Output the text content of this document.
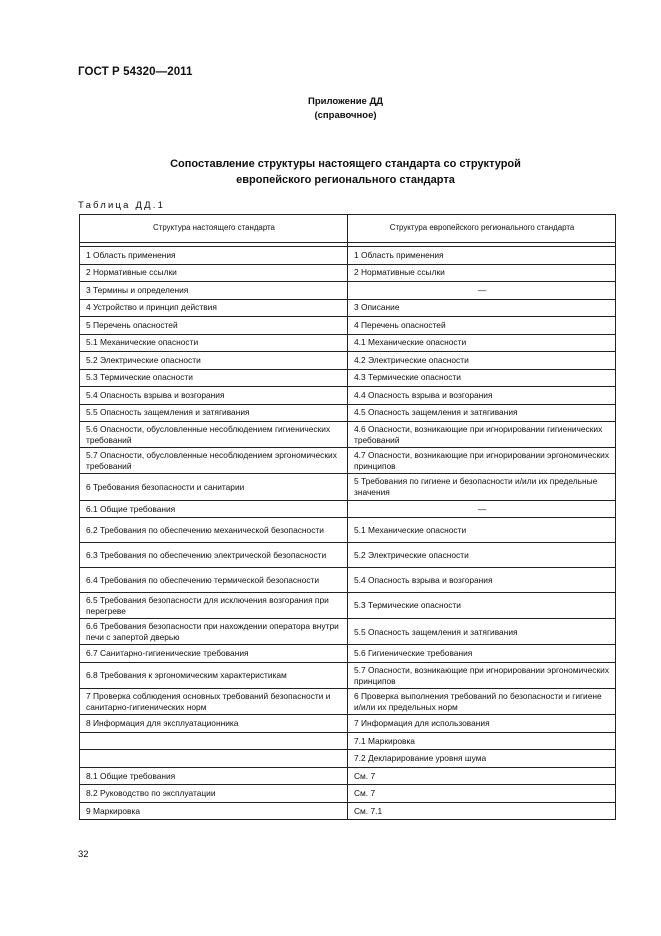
ГОСТ Р 54320—2011
Приложение ДД
(справочное)
Сопоставление структуры настоящего стандарта со структурой
европейского регионального стандарта
Таблица ДД.1
Структура настоящего стандарта	Структура европейского регионального стандарта

1 Область применения	1 Область применения
2 Нормативные ссылки	2 Нормативные ссылки
3 Термины и определения	—
4 Устройство и принцип действия	3 Описание
5 Перечень опасностей	4 Перечень опасностей
5.1 Механические опасности	4.1 Механические опасности
5.2 Электрические опасности	4.2 Электрические опасности
5.3 Термические опасности	4.3 Термические опасности
5.4 Опасность взрыва и возгорания	4.4 Опасность взрыва и возгорания
5.5 Опасность защемления и затягивания	4.5 Опасность защемления и затягивания
5.6 Опасности, обусловленные несоблюдением гигиенических требований	4.6 Опасности, возникающие при игнорировании гигиенических требований
5.7 Опасности, обусловленные несоблюдением эргономических требований	4.7 Опасности, возникающие при игнорировании эргономических принципов
6 Требования безопасности и санитарии	5 Требования по гигиене и безопасности и/или их предельные значения
6.1 Общие требования	—
6.2 Требования по обеспечению механической безопасности	5.1 Механические опасности
6.3 Требования по обеспечению электрической безопасности	5.2 Электрические опасности
6.4 Требования по обеспечению термической безопасности	5.4 Опасность взрыва и возгорания
6.5 Требования безопасности для исключения возгорания при перегреве	5.3 Термические опасности
6.6 Требования безопасности при нахождении оператора внутри печи с запертой дверью	5.5 Опасность защемления и затягивания
6.7 Санитарно-гигиенические требования	5.6 Гигиенические требования
6.8 Требования к эргономическим характеристикам	5.7 Опасности, возникающие при игнорировании эргономических принципов
7 Проверка соблюдения основных требований безопасности и санитарно-гигиенических норм	6 Проверка выполнения требований по безопасности и гигиене и/или их предельных норм
8 Информация для эксплуатационника	7 Информация для использования
	7.1 Маркировка
	7.2 Декларирование уровня шума
8.1 Общие требования	См. 7
8.2 Руководство по эксплуатации	См. 7
9 Маркировка	См. 7.1
32
